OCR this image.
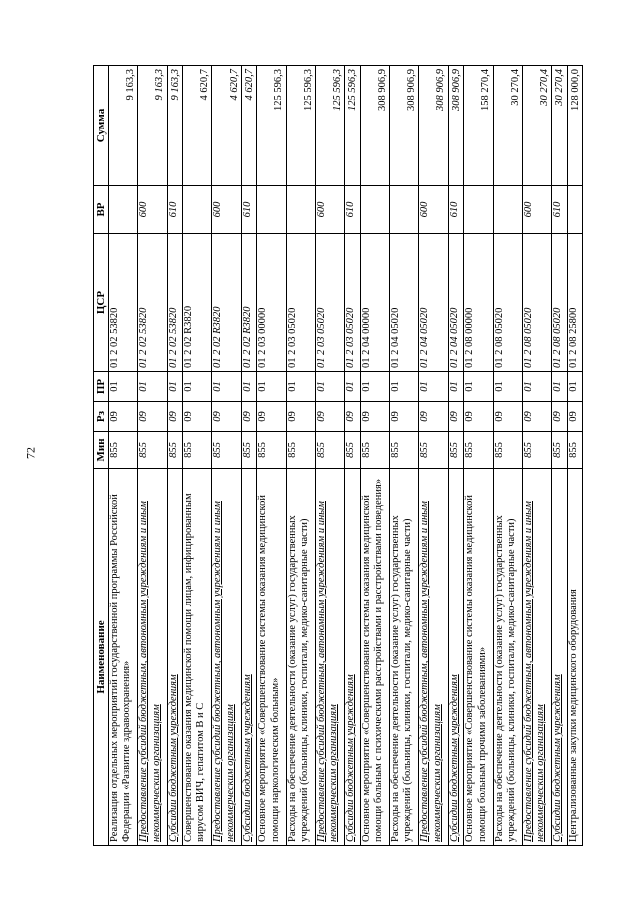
72
Наименование	Мин	Рз	ПР	ЦСР	ВР	Сумма
Реализация отдельных мероприятий государственной программы Российской Федерации «Развитие здравоохранения»	855	09	01	01 2 02 53820		9 163,3
Предоставление субсидий бюджетным, автономным учреждениям и иным некоммерческим организациям	855	09	01	01 2 02 53820	600	9 163,3
Субсидии бюджетным учреждениям	855	09	01	01 2 02 53820	610	9 163,3
Совершенствование оказания медицинской помощи лицам, инфицированным вирусом ВИЧ, гепатитом В и С	855	09	01	01 2 02 R3820		4 620,7
Предоставление субсидий бюджетным, автономным учреждениям и иным некоммерческим организациям	855	09	01	01 2 02 R3820	600	4 620,7
Субсидии бюджетным учреждениям	855	09	01	01 2 02 R3820	610	4 620,7
Основное мероприятие «Совершенствование системы оказания медицинской помощи наркологическим больным»	855	09	01	01 2 03 00000		125 596,3
Расходы на обеспечение деятельности (оказание услуг) государственных учреждений (больницы, клиники, госпитали, медико-санитарные части)	855	09	01	01 2 03 05020		125 596,3
Предоставление субсидий бюджетным, автономным учреждениям и иным некоммерческим организациям	855	09	01	01 2 03 05020	600	125 596,3
Субсидии бюджетным учреждениям	855	09	01	01 2 03 05020	610	125 596,3
Основное мероприятие «Совершенствование системы оказания медицинской помощи больным с психическими расстройствами и расстройствами поведения»	855	09	01	01 2 04 00000		308 906,9
Расходы на обеспечение деятельности (оказание услуг) государственных учреждений (больницы, клиники, госпитали, медико-санитарные части)	855	09	01	01 2 04 05020		308 906,9
Предоставление субсидий бюджетным, автономным учреждениям и иным некоммерческим организациям	855	09	01	01 2 04 05020	600	308 906,9
Субсидии бюджетным учреждениям	855	09	01	01 2 04 05020	610	308 906,9
Основное мероприятие «Совершенствование системы оказания медицинской помощи больным прочими заболеваниями»	855	09	01	01 2 08 00000		158 270,4
Расходы на обеспечение деятельности (оказание услуг) государственных учреждений (больницы, клиники, госпитали, медико-санитарные части)	855	09	01	01 2 08 05020		30 270,4
Предоставление субсидий бюджетным, автономным учреждениям и иным некоммерческим организациям	855	09	01	01 2 08 05020	600	30 270,4
Субсидии бюджетным учреждениям	855	09	01	01 2 08 05020	610	30 270,4
Централизованные закупки медицинского оборудования	855	09	01	01 2 08 25800		128 000,0
